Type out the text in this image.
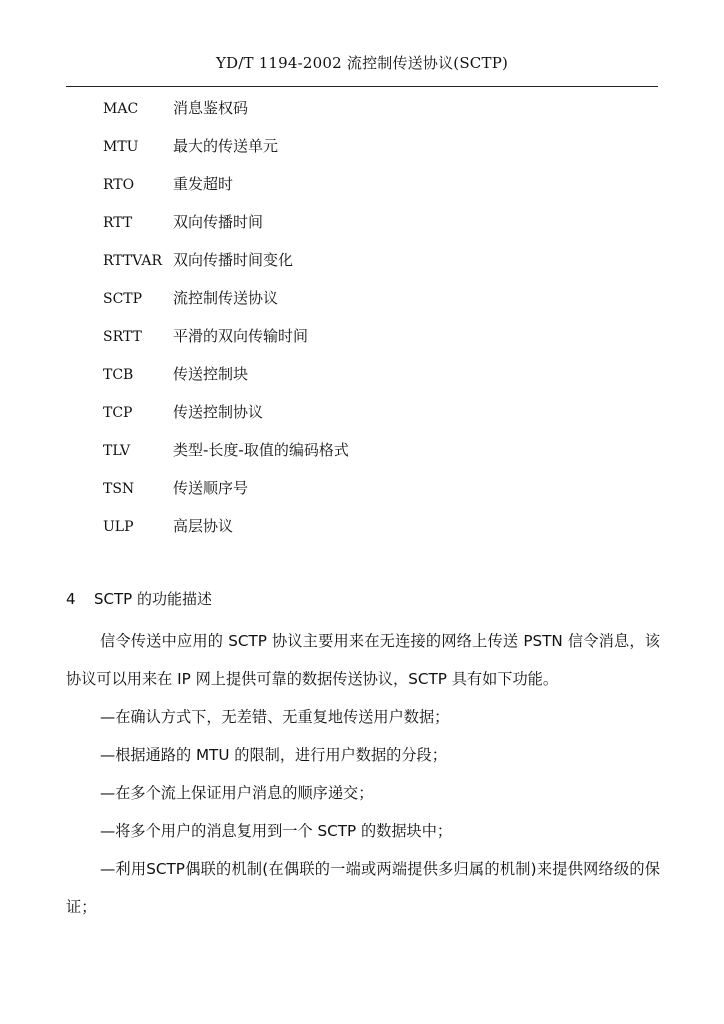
YD/T 1194-2002 流控制传送协议(SCTP)
MAC 消息鉴权码
MTU 最大的传送单元
RTO	重发超时
RTT	双向传播时间
RTTVAR 双向传播时间变化
SCTP 流控制传送协议
SRTT 平滑的双向传输时间
TCB	传送控制块
TCP	传送控制协议
TLV	类型-长度-取值的编码格式
TSN	传送顺序号
ULP	高层协议
4 SCTP 的功能描述

信令传送中应用的 SCTP 协议主要用来在无连接的网络上传送 PSTN 信令消息，该协议可以用来在 IP 网上提供可靠的数据传送协议，SCTP 具有如下功能。

—在确认方式下，无差错、无重复地传送用户数据；

—根据通路的 MTU 的限制，进行用户数据的分段；

—在多个流上保证用户消息的顺序递交；

—将多个用户的消息复用到一个 SCTP 的数据块中；

—利用SCTP偶联的机制(在偶联的一端或两端提供多归属的机制)来提供网络级的保证；
